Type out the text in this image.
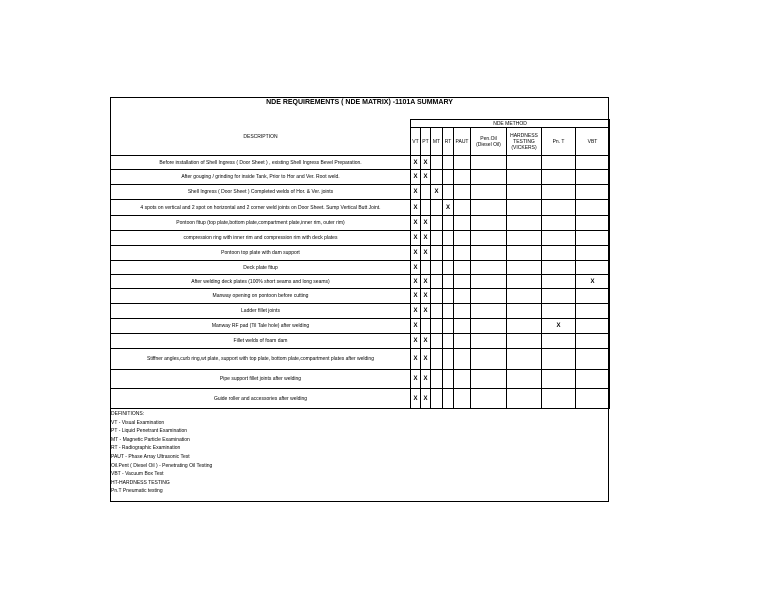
NDE REQUIREMENTS ( NDE MATRIX) -1101A SUMMARY
DESCRIPTION	NDE METHOD								
	VT	PT	MT	RT	PAUT	Pen.Oil (Diesel Oil)	HARDNESS TESTING (VICKERS)	Pn. T	VBT
Before installation of Shell Ingress ( Door Sheet ) , existing Shell Ingress Bevel Preparation.	X	X							
After gouging / grinding for inside Tank, Prior to Hor and Ver. Root weld.	X	X							
Shell Ingress ( Door Sheet ) Completed welds of Hor. & Ver. joints	X		X						
4 spots on vertical and 2 spot on horizontal and 2 corner weld joints on Door Sheet. Sump Vertical Butt Joint.	X			X					
Pontoon fitup (top plate,bottom plate,compartment plate,inner rim, outer rim)	X	X							
compression ring with inner rim and compression rim with deck plates	X	X							
Pontoon top plate with dam support	X	X							
Deck plate fitup	X								
After welding deck plates (100% short seams and long seams)	X	X							X
Manway opening on pontoon before cutting	X	X							
Ladder fillet joints	X	X							
Manway RF pad (Til Tale hole) after welding	X							X	
Fillet welds of foam dam	X	X							
Stiffner angles,curb ring,wt plate, support with top plate, bottom plate,compartment plates after welding	X	X							
Pipe support fillet joints after welding	X	X							
Guide roller and accessories after welding	X	X							
DEFINITIONS:
VT - Visual Examination
PT - Liquid Penetrant Examination
MT - Magnetic Particle Examination
RT - Radiographic Examination
PAUT - Phase Array Ultrasonic Test
Oil.Pent ( Diesel Oil ) - Penetrating Oil Testing
VBT - Vacuum Box Test
HT-HARDNESS TESTING
Pn.T Pneumatic testing
